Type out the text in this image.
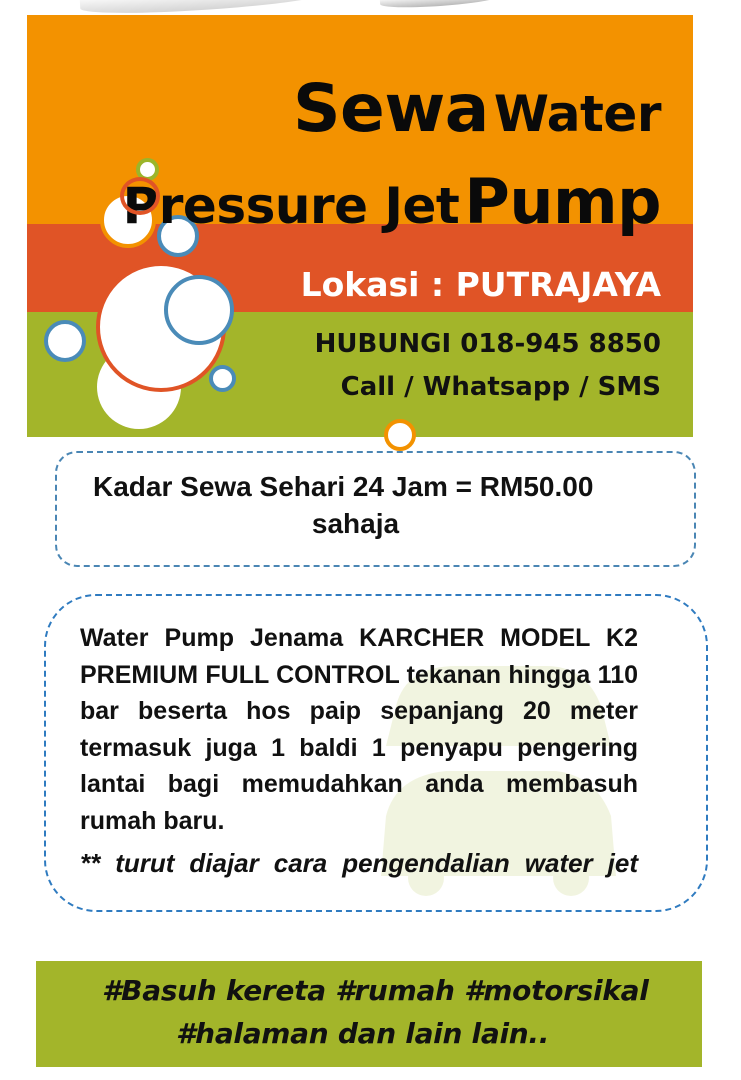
Sewa Water
Pressure Jet Pump
Lokasi : PUTRAJAYA
HUBUNGI 018-945 8850
Call / Whatsapp / SMS
Kadar Sewa Sehari 24 Jam = RM50.00
sahaja
Water Pump Jenama KARCHER MODEL K2 PREMIUM FULL CONTROL tekanan hingga 110 bar beserta hos paip sepanjang 20 meter termasuk juga 1 baldi 1 penyapu pengering lantai bagi memudahkan anda membasuh rumah baru.
** turut diajar cara pengendalian water jet
#Basuh kereta #rumah #motorsikal
#halaman dan lain lain..
